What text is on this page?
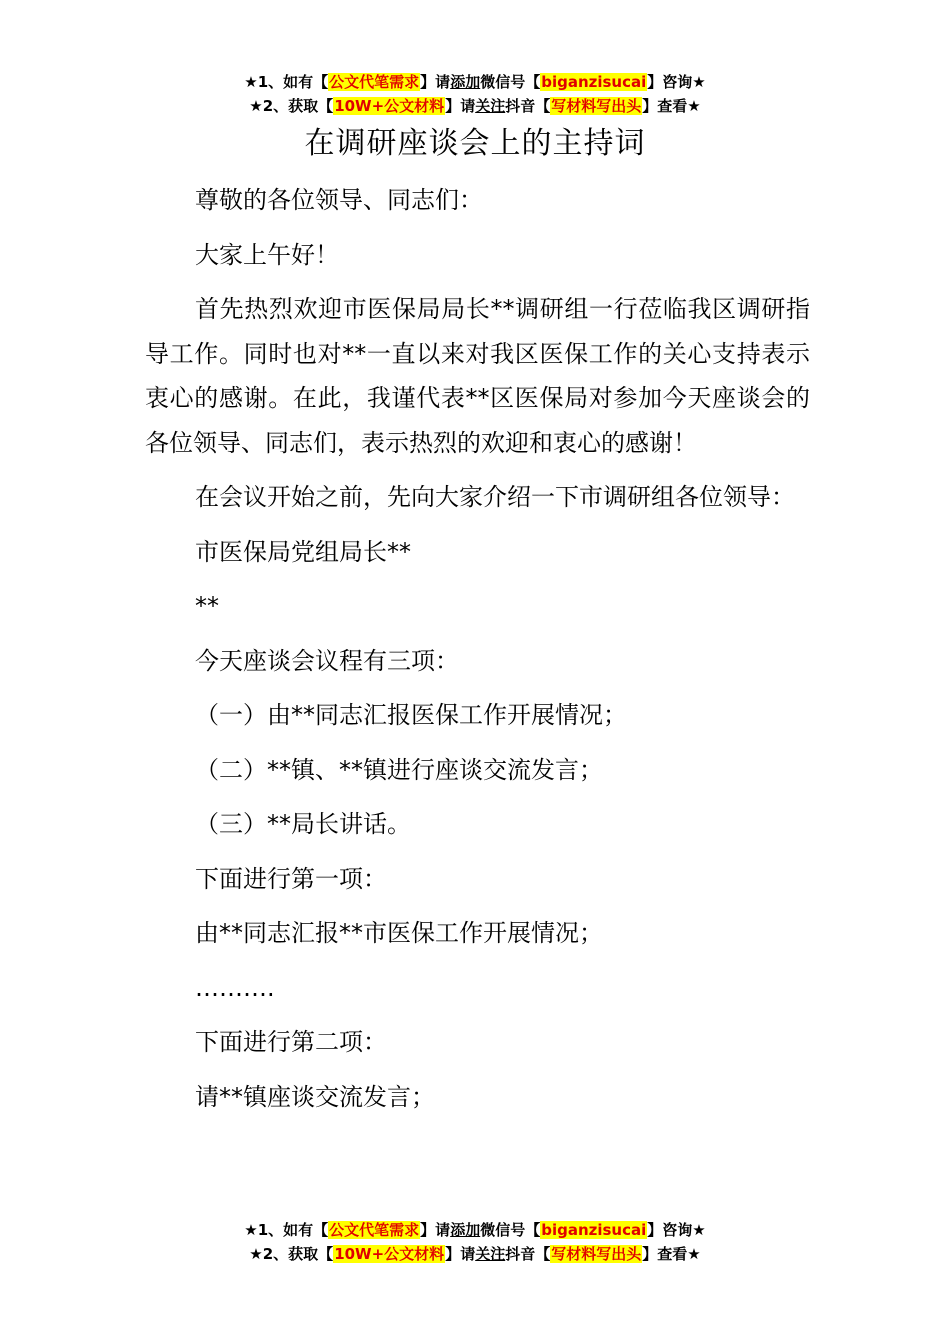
★1、如有【公文代笔需求】请添加微信号【biganzisucai】咨询★
★2、获取【10W+公文材料】请关注抖音【写材料写出头】查看★
在调研座谈会上的主持词

尊敬的各位领导、同志们：

大家上午好！

首先热烈欢迎市医保局局长**调研组一行莅临我区调研指导工作。同时也对**一直以来对我区医保工作的关心支持表示衷心的感谢。在此，我谨代表**区医保局对参加今天座谈会的各位领导、同志们，表示热烈的欢迎和衷心的感谢！

在会议开始之前，先向大家介绍一下市调研组各位领导：

市医保局党组局长**

**

今天座谈会议程有三项：

（一）由**同志汇报医保工作开展情况；

（二）**镇、**镇进行座谈交流发言；

（三）**局长讲话。

下面进行第一项：

由**同志汇报**市医保工作开展情况；

……….

下面进行第二项：

请**镇座谈交流发言；

★1、如有【公文代笔需求】请添加微信号【biganzisucai】咨询★
★2、获取【10W+公文材料】请关注抖音【写材料写出头】查看★
